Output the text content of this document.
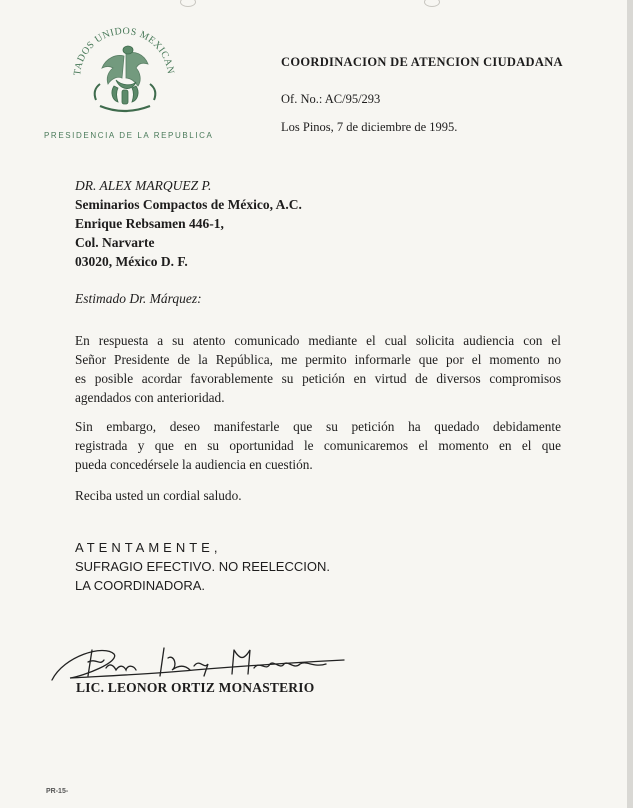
TADOS UNIDOS MEXICAN
PRESIDENCIA DE LA REPUBLICA
COORDINACION DE ATENCION CIUDADANA
Of. No.: AC/95/293
Los Pinos, 7 de diciembre de 1995.
DR. ALEX MARQUEZ P.
Seminarios Compactos de México, A.C.
Enrique Rebsamen 446-1,
Col. Narvarte
03020, México D. F.
Estimado Dr. Márquez:
En respuesta a su atento comunicado mediante el cual solicita audiencia con el
Señor Presidente de la República, me permito informarle que por el momento no
es posible acordar favorablemente su petición en virtud de diversos compromisos
agendados con anterioridad.
Sin embargo, deseo manifestarle que su petición ha quedado debidamente
registrada y que en su oportunidad le comunicaremos el momento en el que
pueda concedérsele la audiencia en cuestión.
Reciba usted un cordial saludo.
ATENTAMENTE,
SUFRAGIO EFECTIVO. NO REELECCION.
LA COORDINADORA.
LIC. LEONOR ORTIZ MONASTERIO
PR-15-
